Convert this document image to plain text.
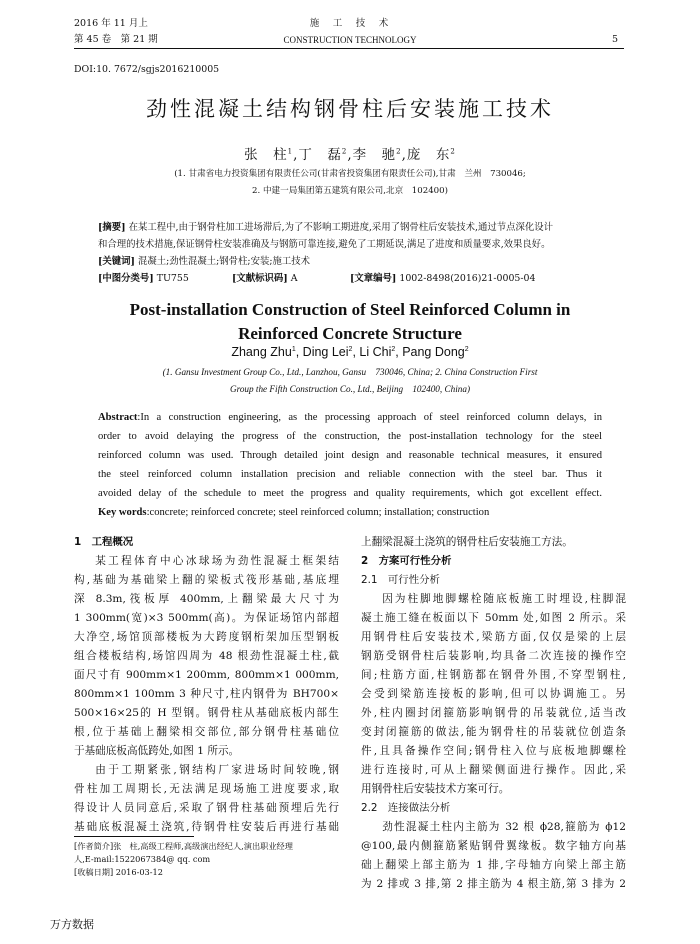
2016 年 11 月上
第 45 卷　第 21 期
施　工　技　术
CONSTRUCTION TECHNOLOGY	5
DOI:10. 7672/sgjs2016210005
劲性混凝土结构钢骨柱后安装施工技术
张　柱$^1$,丁　磊$^2$,李　驰$^2$,庞　东$^2$
(1. 甘肃省电力投资集团有限责任公司(甘肃省投资集团有限责任公司),甘肃　兰州　730046;
2. 中建一局集团第五建筑有限公司,北京　102400)
[摘要] 在某工程中,由于钢骨柱加工进场滞后,为了不影响工期进度,采用了钢骨柱后安装技术,通过节点深化设计
和合理的技术措施,保证钢骨柱安装准确及与钢筋可靠连接,避免了工期延误,满足了进度和质量要求,效果良好。
[关键词] 混凝土;劲性混凝土;钢骨柱;安装;施工技术
[中图分类号] TU755	[文献标识码] A	[文章编号] 1002-8498(2016)21-0005-04
Post-installation Construction of Steel Reinforced Column in
Reinforced Concrete Structure
Zhang Zhu$^1$, Ding Lei$^2$, Li Chi$^2$, Pang Dong$^2$
(1. Gansu Investment Group Co., Ltd., Lanzhou, Gansu　730046, China; 2. China Construction First
Group the Fifth Construction Co., Ltd., Beijing　102400, China)
Abstract:In a construction engineering, as the processing approach of steel reinforced column delays, in
order to avoid delaying the progress of the construction, the post-installation technology for the steel
reinforced column was used. Through detailed joint design and reasonable technical measures, it ensured
the steel reinforced column installation precision and reliable connection with the steel bar. Thus it
avoided delay of the schedule to meet the progress and quality requirements, which got excellent effect.
Key words:concrete; reinforced concrete; steel reinforced column; installation; construction
1　工程概况
某工程体育中心冰球场为劲性混凝土框架结
构,基础为基础梁上翻的梁板式筏形基础,基底埋
深 8.3m,筏板厚 400mm,上翻梁最大尺寸为
1 300mm(宽)×3 500mm(高)。为保证场馆内部超
大净空,场馆顶部楼板为大跨度钢桁架加压型钢板
组合楼板结构,场馆四周为 48 根劲性混凝土柱,截
面尺寸有 900mm×1 200mm, 800mm×1 000mm,
800mm×1 100mm 3 种尺寸,柱内钢骨为 BH700×
500×16×25的 H 型钢。钢骨柱从基础底板内部生
根,位于基础上翻梁相交部位,部分钢骨柱基础位
于基础底板高低跨处,如图 1 所示。
由于工期紧张,钢结构厂家进场时间较晚,钢
骨柱加工周期长,无法满足现场施工进度要求,取
得设计人员同意后,采取了钢骨柱基础预埋后先行
基础底板混凝土浇筑,待钢骨柱安装后再进行基础
[作者简介]张　柱,高级工程师,高级演出经纪人,演出职业经理
人,E-mail:1522067384@ qq. com
[收稿日期] 2016-03-12
上翻梁混凝土浇筑的钢骨柱后安装施工方法。
2　方案可行性分析
2.1　可行性分析
因为柱脚地脚螺栓随底板施工时埋设,柱脚混
凝土施工缝在板面以下 50mm 处,如图 2 所示。采
用钢骨柱后安装技术,梁筋方面,仅仅是梁的上层
钢筋受钢骨柱后装影响,均具备二次连接的操作空
间;柱筋方面,柱钢筋都在钢骨外围,不穿型钢柱,
会受到梁筋连接板的影响,但可以协调施工。另
外,柱内圈封闭箍筋影响钢骨的吊装就位,适当改
变封闭箍筋的做法,能为钢骨柱的吊装就位创造条
件,且具备操作空间;钢骨柱入位与底板地脚螺栓
进行连接时,可从上翻梁侧面进行操作。因此,采
用钢骨柱后安装技术方案可行。
2.2　连接做法分析
劲性混凝土柱内主筋为 32 根 ϕ28,箍筋为 ϕ12
@100,最内侧箍筋紧贴钢骨翼缘板。数字轴方向基
础上翻梁上部主筋为 1 排,字母轴方向梁上部主筋
为 2 排或 3 排,第 2 排主筋为 4 根主筋,第 3 排为 2
万方数据
